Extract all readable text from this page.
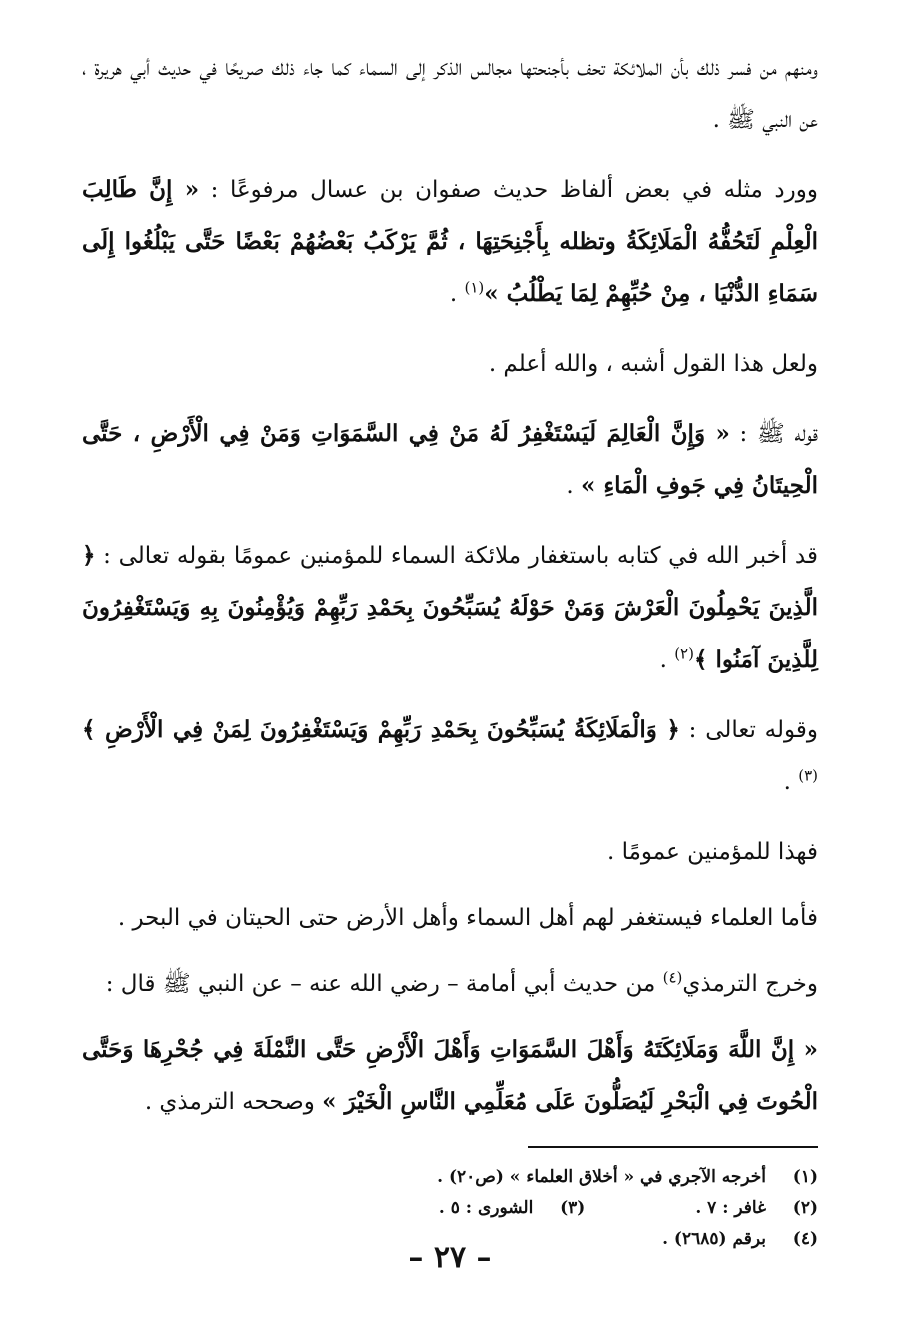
ومنهم من فسر ذلك بأن الملائكة تحف بأجنحتها مجالس الذكر إلى السماء كما جاء ذلك صريحًا في حديث أبي هريرة ، عن النبي ﷺ .

وورد مثله في بعض ألفاظ حديث صفوان بن عسال مرفوعًا : « إِنَّ طَالِبَ الْعِلْمِ لَتَحُفُّهُ الْمَلَائِكَةُ وتظله بِأَجْنِحَتِهَا ، ثُمَّ يَرْكَبُ بَعْضُهُمْ بَعْضًا حَتَّى يَبْلُغُوا إِلَى سَمَاءِ الدُّنْيَا ، مِنْ حُبِّهِمْ لِمَا يَطْلُبُ »$^{(١)}$ .

ولعل هذا القول أشبه ، والله أعلم .

قوله ﷺ : « وَإِنَّ الْعَالِمَ لَيَسْتَغْفِرُ لَهُ مَنْ فِي السَّمَوَاتِ وَمَنْ فِي الْأَرْضِ ، حَتَّى الْحِيتَانُ فِي جَوفِ الْمَاءِ » .

قد أخبر الله في كتابه باستغفار ملائكة السماء للمؤمنين عمومًا بقوله تعالى : ﴿ الَّذِينَ يَحْمِلُونَ الْعَرْشَ وَمَنْ حَوْلَهُ يُسَبِّحُونَ بِحَمْدِ رَبِّهِمْ وَيُؤْمِنُونَ بِهِ وَيَسْتَغْفِرُونَ لِلَّذِينَ آمَنُوا ﴾$^{(٢)}$ .

وقوله تعالى : ﴿ وَالْمَلَائِكَةُ يُسَبِّحُونَ بِحَمْدِ رَبِّهِمْ وَيَسْتَغْفِرُونَ لِمَنْ فِي الْأَرْضِ ﴾$^{(٣)}$ .

فهذا للمؤمنين عمومًا .

فأما العلماء فيستغفر لهم أهل السماء وأهل الأرض حتى الحيتان في البحر .

وخرج الترمذي$^{(٤)}$ من حديث أبي أمامة – رضي الله عنه – عن النبي ﷺ قال :

« إِنَّ اللَّهَ وَمَلَائِكَتَهُ وَأَهْلَ السَّمَوَاتِ وَأَهْلَ الْأَرْضِ حَتَّى النَّمْلَةَ فِي جُحْرِهَا وَحَتَّى الْحُوتَ فِي الْبَحْرِ لَيُصَلُّونَ عَلَى مُعَلِّمِي النَّاسِ الْخَيْرَ » وصححه الترمذي .

(١)
أخرجه الآجري في « أخلاق العلماء » (ص٢٠) .
(٢)
غافر : ٧ .
(٣)
الشورى : ٥ .
(٤)
برقم (٢٦٨٥) .
– ٢٧ –
